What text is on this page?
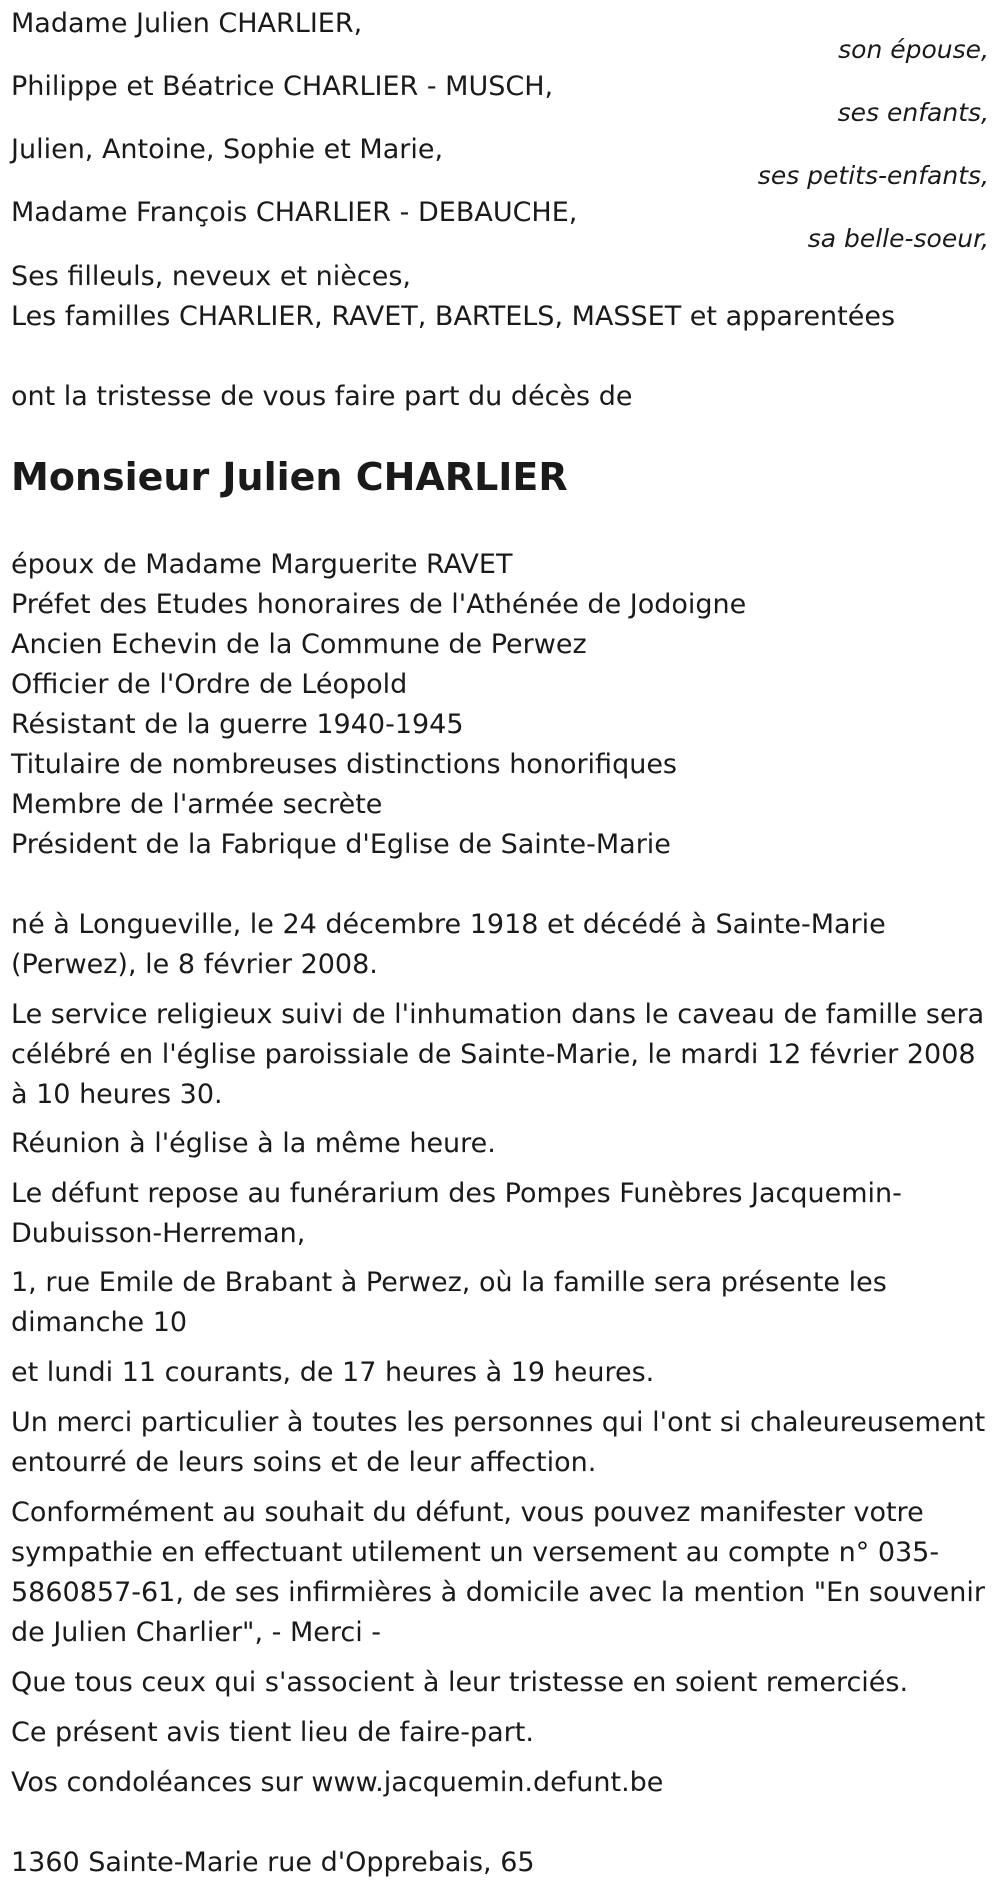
Madame Julien CHARLIER,
son épouse,
Philippe et Béatrice CHARLIER - MUSCH,
ses enfants,
Julien, Antoine, Sophie et Marie,
ses petits-enfants,
Madame François CHARLIER - DEBAUCHE,
sa belle-soeur,
Ses filleuls, neveux et nièces,
Les familles CHARLIER, RAVET, BARTELS, MASSET et apparentées
ont la tristesse de vous faire part du décès de
Monsieur Julien CHARLIER
époux de Madame Marguerite RAVET
Préfet des Etudes honoraires de l'Athénée de Jodoigne
Ancien Echevin de la Commune de Perwez
Officier de l'Ordre de Léopold
Résistant de la guerre 1940-1945
Titulaire de nombreuses distinctions honorifiques
Membre de l'armée secrète
Président de la Fabrique d'Eglise de Sainte-Marie
né à Longueville, le 24 décembre 1918 et décédé à Sainte-Marie (Perwez), le 8 février 2008.
Le service religieux suivi de l'inhumation dans le caveau de famille sera célébré en l'église paroissiale de Sainte-Marie, le mardi 12 février 2008 à 10 heures 30.
Réunion à l'église à la même heure.
Le défunt repose au funérarium des Pompes Funèbres Jacquemin-Dubuisson-Herreman,
1, rue Emile de Brabant à Perwez, où la famille sera présente les dimanche 10
et lundi 11 courants, de 17 heures à 19 heures.
Un merci particulier à toutes les personnes qui l'ont si chaleureusement entourré de leurs soins et de leur affection.
Conformément au souhait du défunt, vous pouvez manifester votre sympathie en effectuant utilement un versement au compte n° 035-5860857-61, de ses infirmières à domicile avec la mention "En souvenir de Julien Charlier", - Merci -
Que tous ceux qui s'associent à leur tristesse en soient remerciés.
Ce présent avis tient lieu de faire-part.
Vos condoléances sur www.jacquemin.defunt.be
1360 Sainte-Marie rue d'Opprebais, 65
